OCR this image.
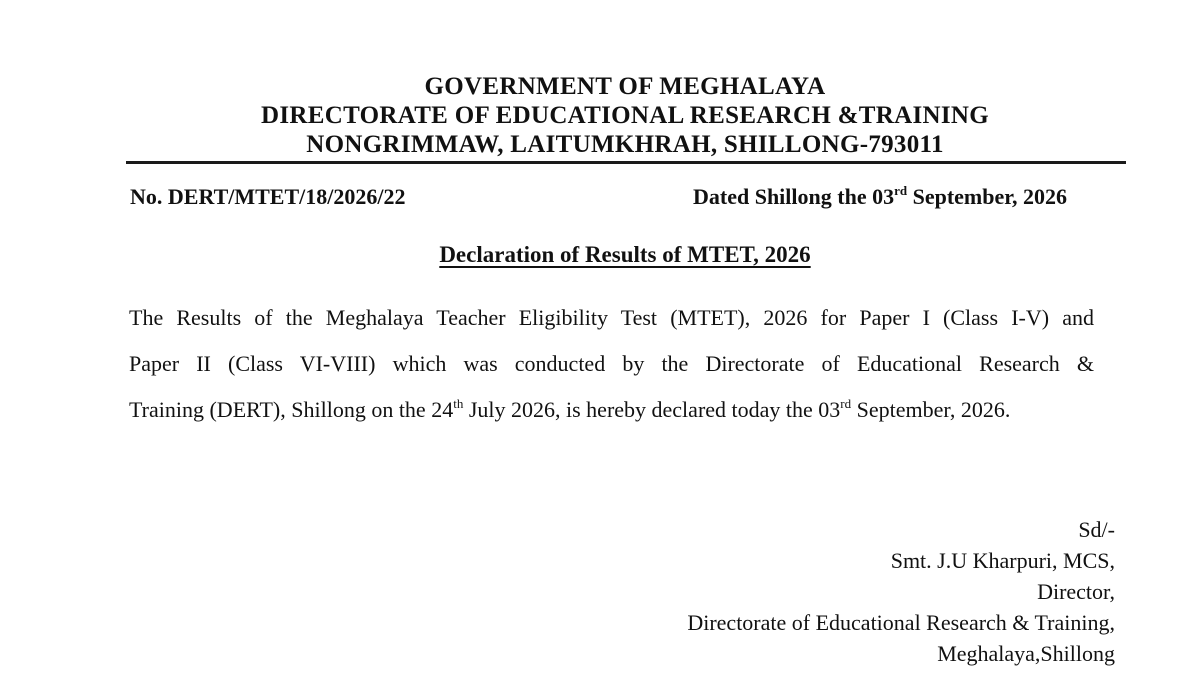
GOVERNMENT OF MEGHALAYA
DIRECTORATE OF EDUCATIONAL RESEARCH &TRAINING
NONGRIMMAW, LAITUMKHRAH, SHILLONG-793011
No. DERT/MTET/18/2026/22	Dated Shillong the 03rd September, 2026
Declaration of Results of MTET, 2026
The Results of the Meghalaya Teacher Eligibility Test (MTET), 2026 for Paper I (Class I-V) and
Paper II (Class VI-VIII) which was conducted by the Directorate of Educational Research &
Training (DERT), Shillong on the 24th July 2026, is hereby declared today the 03rd September, 2026.
Sd/-
Smt. J.U Kharpuri, MCS,
Director,
Directorate of Educational Research & Training,
Meghalaya,Shillong
